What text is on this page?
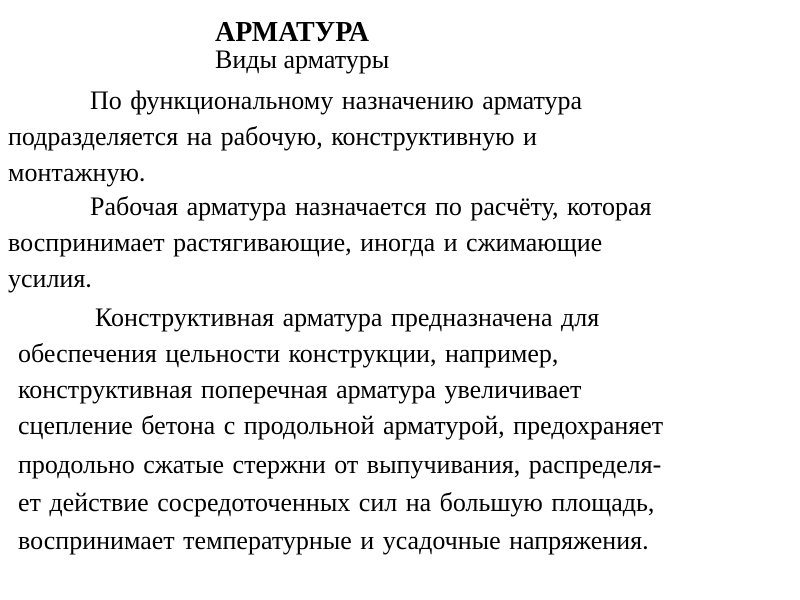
АРМАТУРА
Виды арматуры
По функциональному назначению арматура
подразделяется на рабочую, конструктивную и
монтажную.
Рабочая арматура назначается по расчёту, которая
воспринимает растягивающие, иногда и сжимающие
усилия.
Конструктивная арматура предназначена для
обеспечения цельности конструкции, например,
конструктивная поперечная арматура увеличивает
сцепление бетона с продольной арматурой, предохраняет
продольно сжатые стержни от выпучивания, распределя-
ет действие сосредоточенных сил на большую площадь,
воспринимает температурные и усадочные напряжения.
